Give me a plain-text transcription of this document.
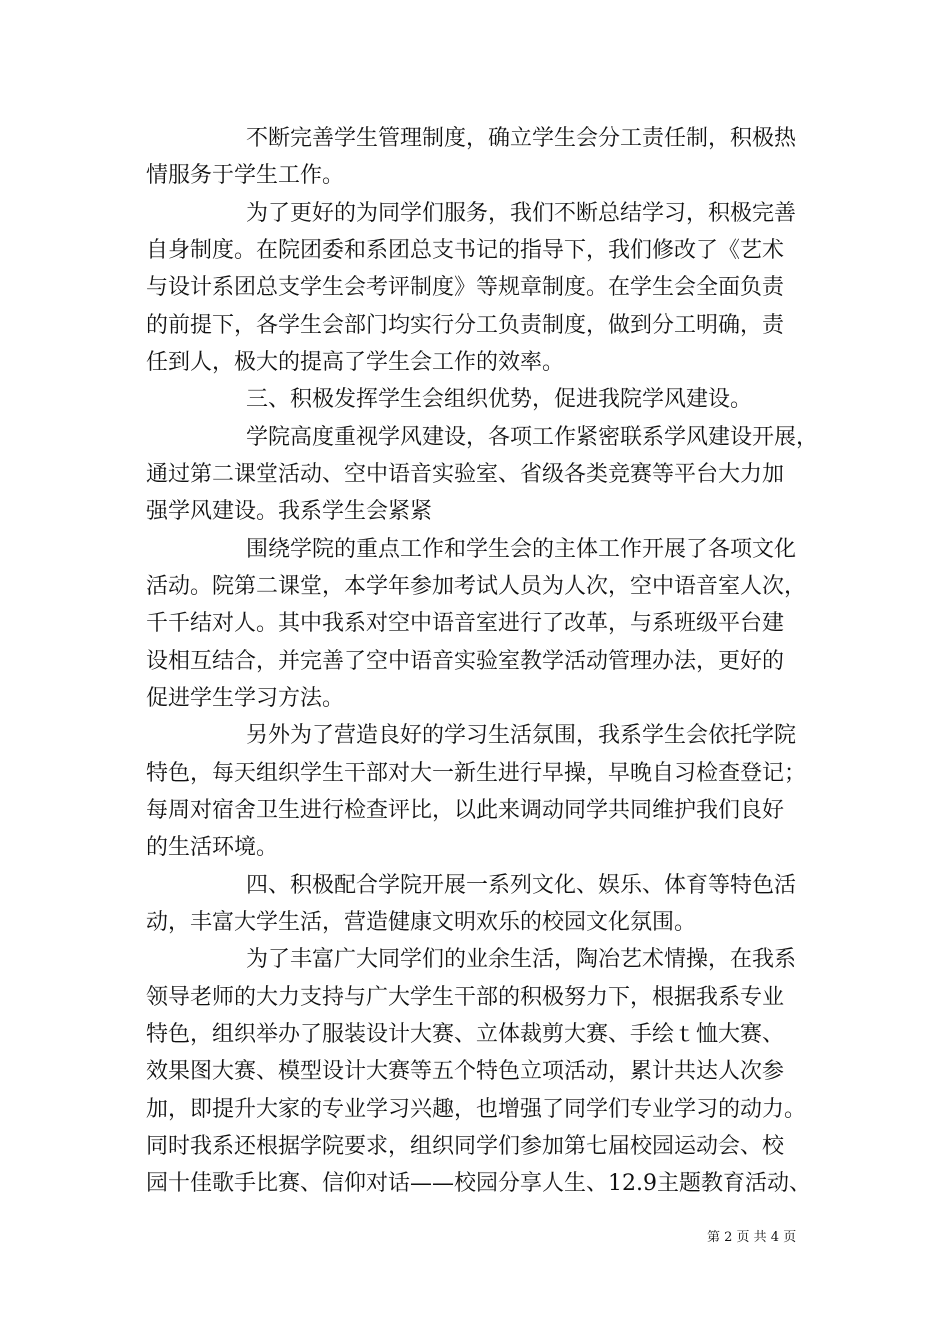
不断完善学生管理制度，确立学生会分工责任制，积极热
情服务于学生工作。
为了更好的为同学们服务，我们不断总结学习，积极完善
自身制度。在院团委和系团总支书记的指导下，我们修改了《艺术
与设计系团总支学生会考评制度》等规章制度。在学生会全面负责
的前提下，各学生会部门均实行分工负责制度，做到分工明确，责
任到人，极大的提高了学生会工作的效率。
三、积极发挥学生会组织优势，促进我院学风建设。
学院高度重视学风建设，各项工作紧密联系学风建设开展，
通过第二课堂活动、空中语音实验室、省级各类竞赛等平台大力加
强学风建设。我系学生会紧紧
围绕学院的重点工作和学生会的主体工作开展了各项文化
活动。院第二课堂，本学年参加考试人员为人次，空中语音室人次，
千千结对人。其中我系对空中语音室进行了改革，与系班级平台建
设相互结合，并完善了空中语音实验室教学活动管理办法，更好的
促进学生学习方法。
另外为了营造良好的学习生活氛围，我系学生会依托学院
特色，每天组织学生干部对大一新生进行早操，早晚自习检查登记；
每周对宿舍卫生进行检查评比，以此来调动同学共同维护我们良好
的生活环境。
四、积极配合学院开展一系列文化、娱乐、体育等特色活
动，丰富大学生活，营造健康文明欢乐的校园文化氛围。
为了丰富广大同学们的业余生活，陶冶艺术情操，在我系
领导老师的大力支持与广大学生干部的积极努力下，根据我系专业
特色，组织举办了服装设计大赛、立体裁剪大赛、手绘ｔ恤大赛、
效果图大赛、模型设计大赛等五个特色立项活动，累计共达人次参
加，即提升大家的专业学习兴趣，也增强了同学们专业学习的动力。
同时我系还根据学院要求，组织同学们参加第七届校园运动会、校
园十佳歌手比赛、信仰对话——校园分享人生、12.9主题教育活动、
第 2 页 共 4 页
